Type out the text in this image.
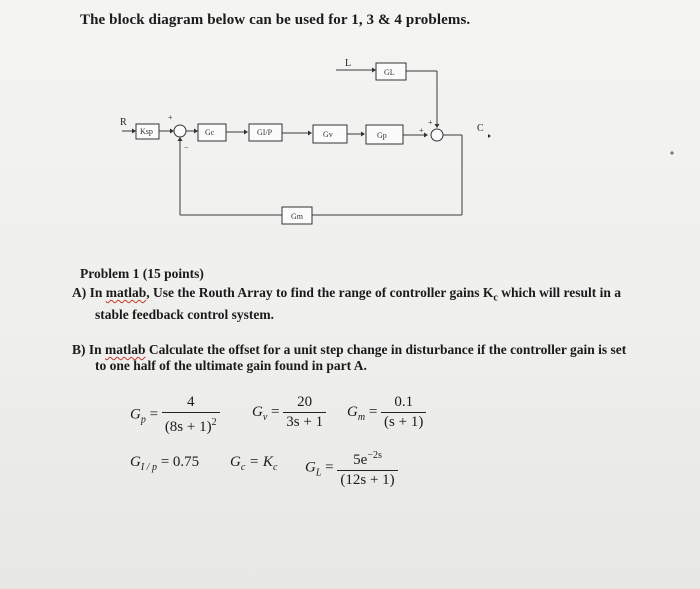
The block diagram below can be used for 1, 3 & 4 problems.
R
Ksp
+
−
Gc	GI/P	Gv	Gp
L
GL
+
+	C
Gm
Problem 1 (15 points)
A) In matlab, Use the Routh Array to find the range of controller gains $K_c$ which will result in a
stable feedback control system.
B) In matlab Calculate the offset for a unit step change in disturbance if the controller gain is set
to one half of the ultimate gain found in part A.
$G_p = \frac{4}{(8s + 1)^2} G_v = \frac{20}{3s + 1} G_m = \frac{0.1}{(s + 1)}$
$G_{I / p} = 0.75$ $G_c = K_c$ $G_L = \frac{5e^{-2s}}{(12s + 1)}$
